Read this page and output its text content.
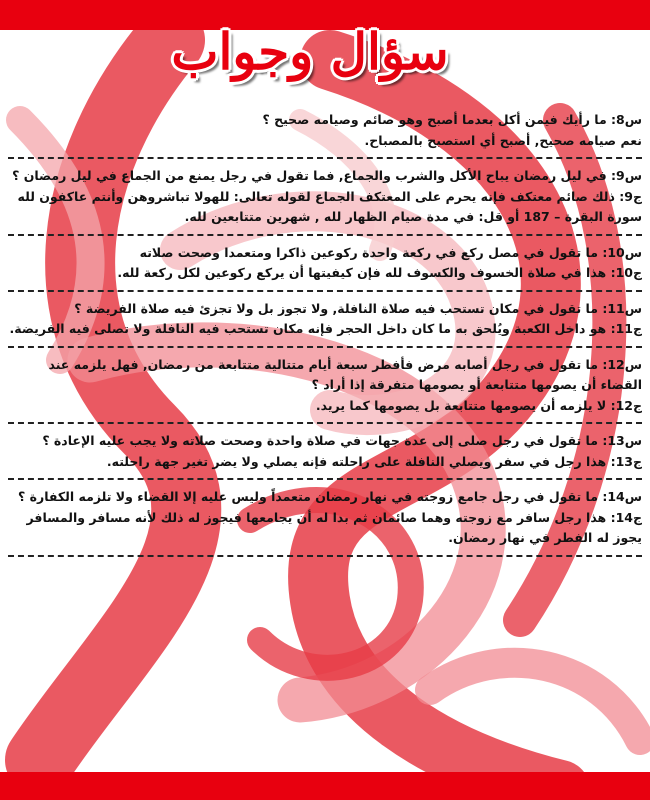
سؤال وجواب

س8: ما رأيك فيمن أكل بعدما أصبح وهو صائم وصيامه صحيح ؟

نعم صيامه صحيح, أصبح أي استصبح بالمصباح.

س9: في ليل رمضان يباح الأكل والشرب والجماع, فما تقول في رجل يمنع من الجماع في ليل رمضان ؟

ج9: ذلك صائم معتكف فإنه يحرم على المعتكف الجماع لقوله تعالى: للهولا تباشروهن وأنتم عاكفون لله سورة البقرة – 187 أو قل: في مدة صيام الظهار لله , شهرين متتابعين لله.

س10: ما تقول في مصل ركع في ركعة واحدة ركوعين ذاكرا ومتعمدا وصحت صلاته

ج10: هذا في صلاة الخسوف والكسوف لله فإن كيفيتها أن يركع ركوعين لكل ركعة لله.

س11: ما تقول في مكان تستحب فيه صلاة النافلة, ولا تجوز بل ولا تجزئ فيه صلاة الفريضة ؟

ج11: هو داخل الكعبة ويُلحق به ما كان داخل الحجر فإنه مكان تستحب فيه النافلة ولا تصلى فيه الفريضة.

س12: ما تقول في رجل أصابه مرض فأفطر سبعة أيام متتالية متتابعة من رمضان, فهل يلزمه عند القضاء أن يصومها متتابعة أو يصومها متفرقة إذا أراد ؟

ج12: لا يلزمه أن يصومها متتابعة بل يصومها كما يريد.

س13: ما تقول في رجل صلى إلى عدة جهات في صلاة واحدة وصحت صلاته ولا يجب عليه الإعادة ؟

ج13: هذا رجل في سفر ويصلي النافلة على راحلته فإنه يصلي ولا يضر تغير جهة راحلته.

س14: ما تقول في رجل جامع زوجته في نهار رمضان متعمداً وليس عليه إلا القضاء ولا تلزمه الكفارة ؟

ج14: هذا رجل سافر مع زوجته وهما صائمان ثم بدا له أن يجامعها فيجوز له ذلك لأنه مسافر والمسافر يجوز له الفطر في نهار رمضان.
